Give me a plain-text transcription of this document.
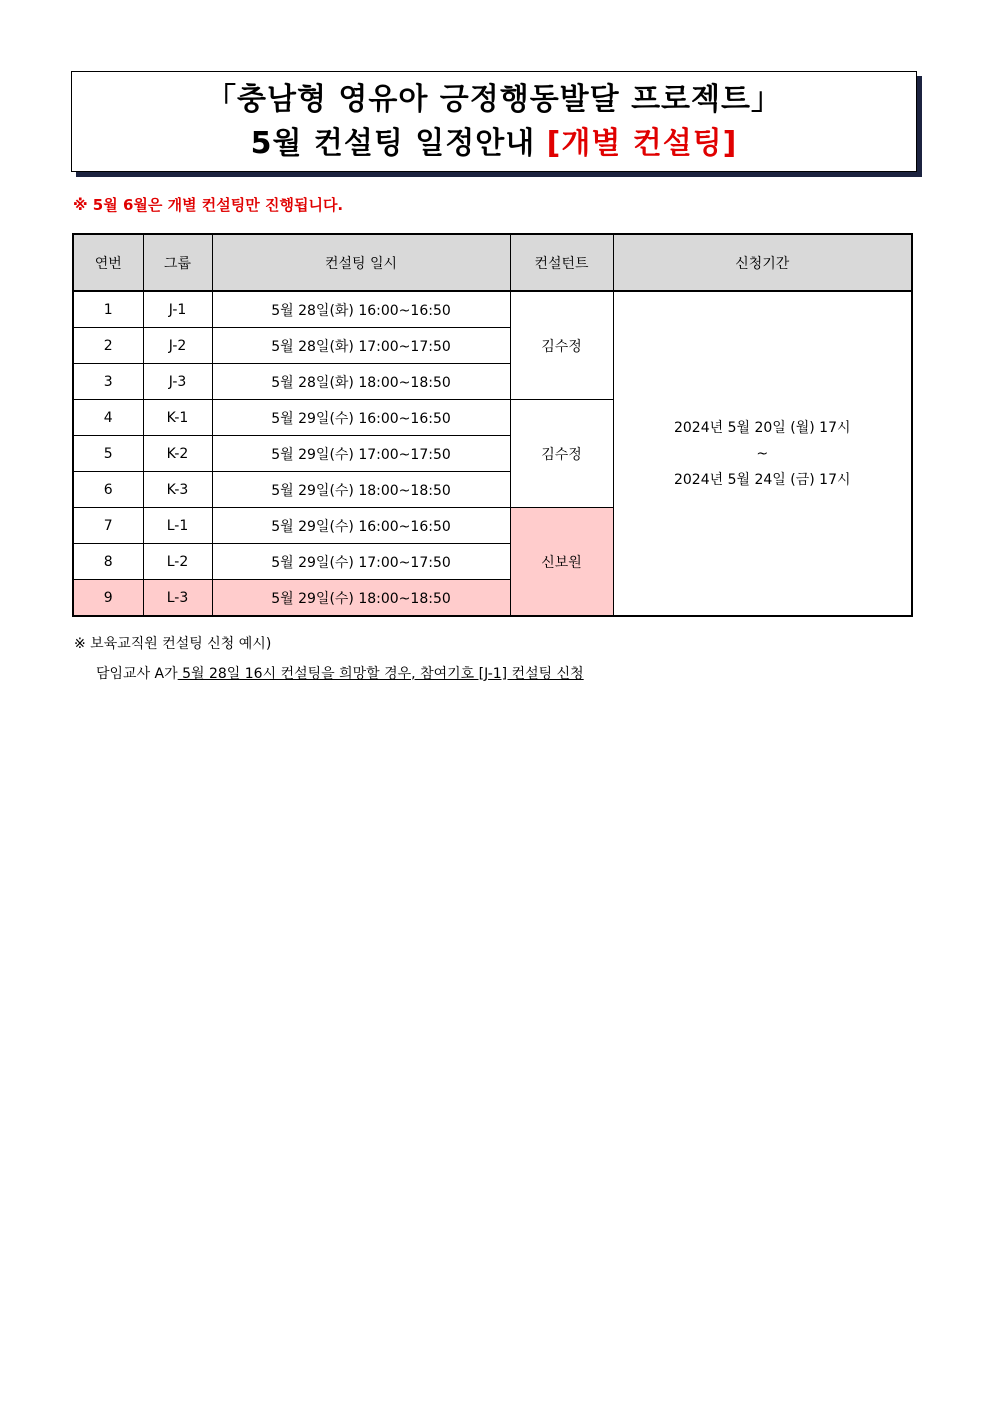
「충남형 영유아 긍정행동발달 프로젝트」
5월 컨설팅 일정안내 [개별 컨설팅]
※ 5월 6월은 개별 컨설팅만 진행됩니다.
연번	그룹	컨설팅 일시	컨설턴트	신청기간
1	J-1	5월 28일(화) 16:00~16:50	김수정	2024년 5월 20일 (월) 17시
~
2024년 5월 24일 (금) 17시

2	J-2	5월 28일(화) 17:00~17:50		
3	J-3	5월 28일(화) 18:00~18:50		
4	K-1	5월 29일(수) 16:00~16:50	김수정	
5	K-2	5월 29일(수) 17:00~17:50		
6	K-3	5월 29일(수) 18:00~18:50		
7	L-1	5월 29일(수) 16:00~16:50	신보원	
8	L-2	5월 29일(수) 17:00~17:50		
9	L-3	5월 29일(수) 18:00~18:50		
※ 보육교직원 컨설팅 신청 예시)
담임교사 A가 5월 28일 16시 컨설팅을 희망할 경우, 참여기호 [J-1] 컨설팅 신청
